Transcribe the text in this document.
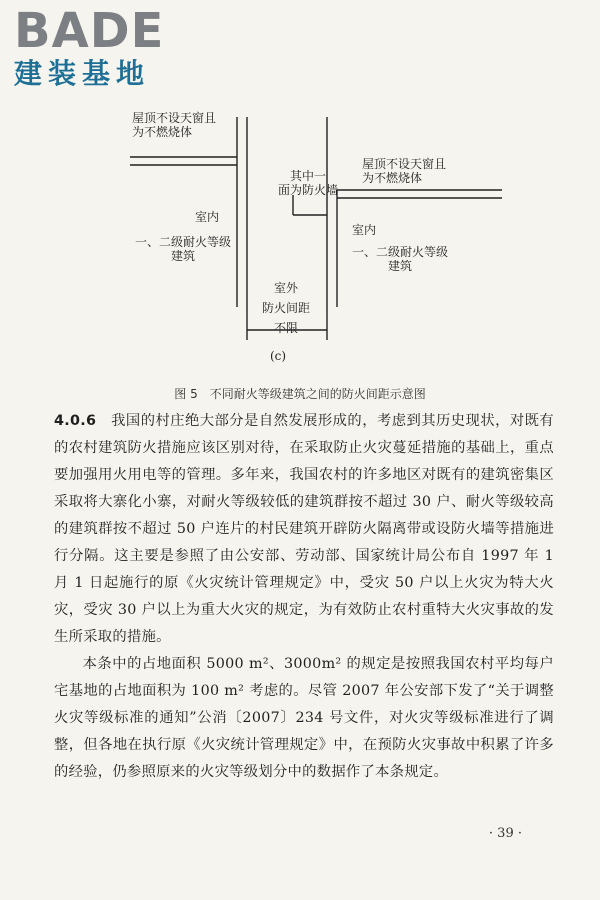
BADE
建装基地
屋顶不设天窗且
为不燃烧体
其中一
面为防火墙
屋顶不设天窗且
为不燃烧体
室内
一、二级耐火等级
建筑
室内
一、二级耐火等级
建筑
室外
防火间距
不限
(c)
图 5　不同耐火等级建筑之间的防火间距示意图

4.0.6　 我国的村庄绝大部分是自然发展形成的，考虑到其历史现状，对既有的农村建筑防火措施应该区别对待，在采取防止火灾蔓延措施的基础上，重点要加强用火用电等的管理。多年来，我国农村的许多地区对既有的建筑密集区采取将大寨化小寨，对耐火等级较低的建筑群按不超过 30 户、耐火等级较高的建筑群按不超过 50 户连片的村民建筑开辟防火隔离带或设防火墙等措施进行分隔。这主要是参照了由公安部、劳动部、国家统计局公布自 1997 年 1 月 1 日起施行的原《火灾统计管理规定》中，受灾 50 户以上火灾为特大火灾，受灾 30 户以上为重大火灾的规定，为有效防止农村重特大火灾事故的发生所采取的措施。

本条中的占地面积 5000 m²、3000m² 的规定是按照我国农村平均每户宅基地的占地面积为 100 m² 考虑的。尽管 2007 年公安部下发了“关于调整火灾等级标准的通知”公消〔2007〕234 号文件，对火灾等级标准进行了调整，但各地在执行原《火灾统计管理规定》中，在预防火灾事故中积累了许多的经验，仍参照原来的火灾等级划分中的数据作了本条规定。

· 39 ·
